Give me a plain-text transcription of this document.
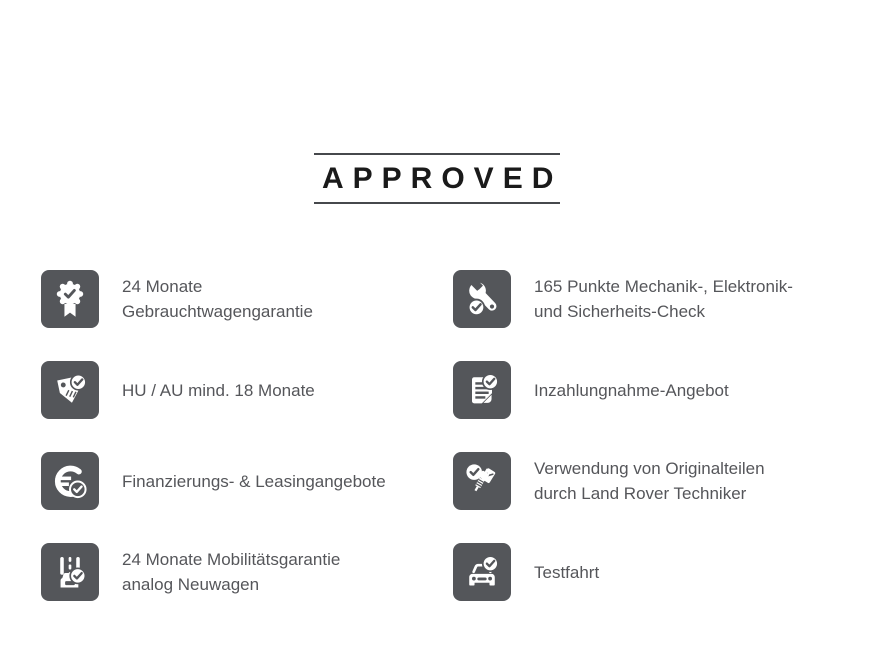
APPROVED
24 Monate
Gebrauchtwagengarantie
165 Punkte Mechanik-, Elektronik-
und Sicherheits-Check
HU / AU mind. 18 Monate	Inzahlungnahme-Angebot
Finanzierungs- & Leasingangebote
Verwendung von Originalteilen
durch Land Rover Techniker
24 Monate Mobilitätsgarantie
analog Neuwagen
Testfahrt
